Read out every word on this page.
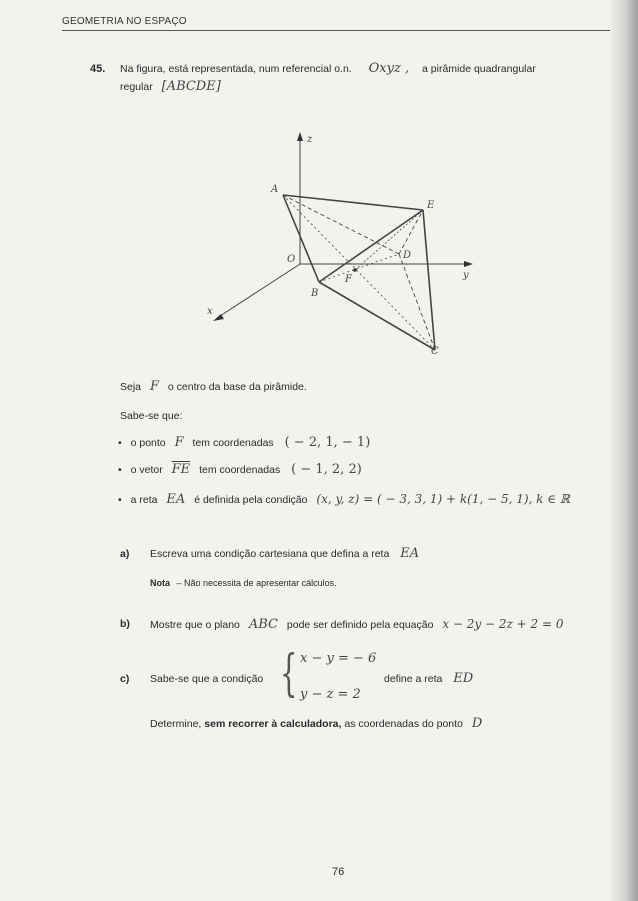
GEOMETRIA NO ESPAÇO
45. Na figura, está representada, num referencial o.n. Oxyz , a pirâmide quadrangular
regular [ABCDE]
z
y
x
O
A
B
C
D
E
F
Seja F o centro da base da pirâmide.
Sabe-se que:
• o ponto F tem coordenadas ( − 2, 1, − 1)
• o vetor $\overline{FE}$ tem coordenadas ( − 1, 2, 2)
• a reta EA é definida pela condição (x, y, z) = ( − 3, 3, 1) + k(1, − 5, 1), k ∈ ℝ
a) Escreva uma condição cartesiana que defina a reta EA
Nota – Não necessita de apresentar cálculos.
b) Mostre que o plano ABC pode ser definido pela equação x − 2y − 2z + 2 = 0
c) Sabe-se que a condição { x − y = − 6
y − z = 2
define a reta ED
Determine, sem recorrer à calculadora, as coordenadas do ponto D
76
